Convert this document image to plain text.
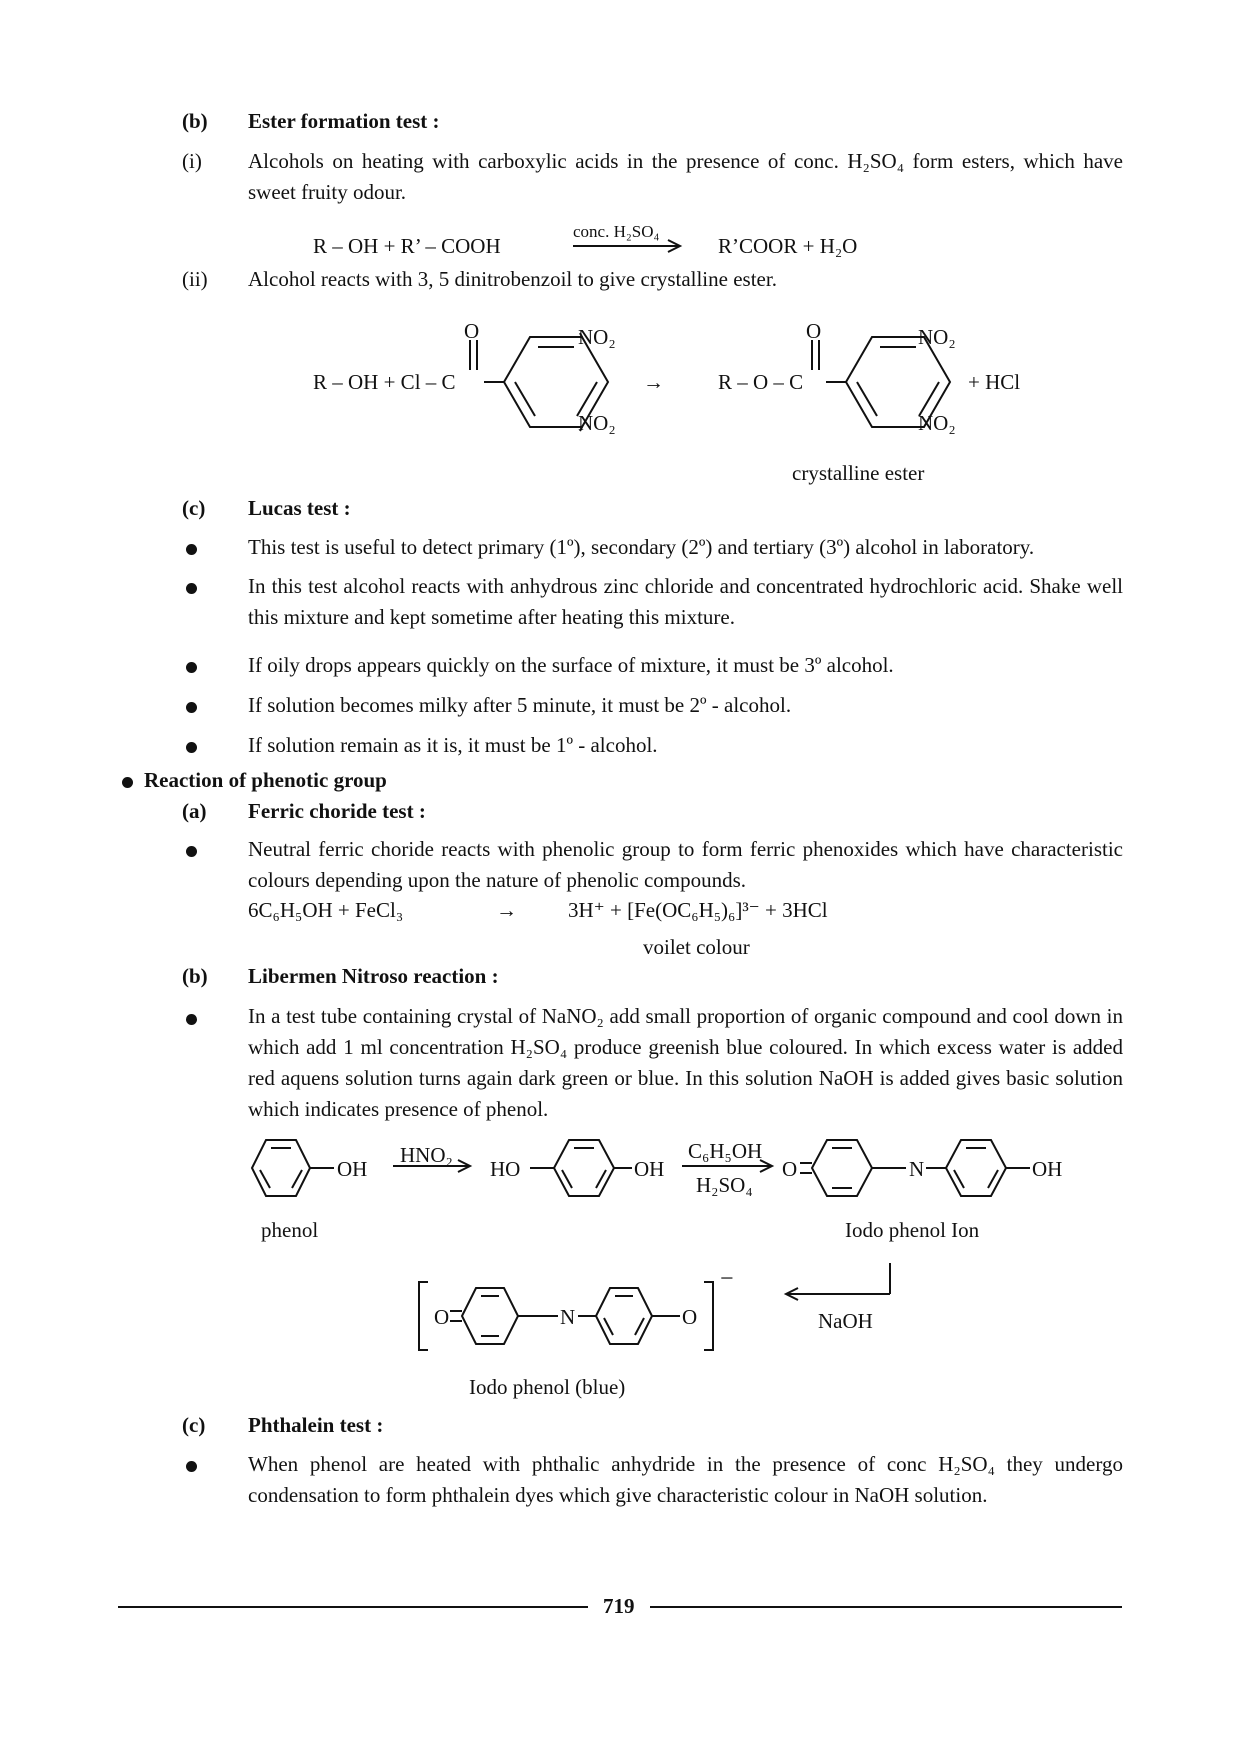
(b) Ester formation test :
(i) Alcohols on heating with carboxylic acids in the presence of conc. H₂SO₄ form esters, which have sweet fruity odour.
R – OH + R’ – COOH
conc. H₂SO₄
R’COOR + H₂O
(ii) Alcohol reacts with 3, 5 dinitrobenzoil to give crystalline ester.
R – OH + Cl – C
O	NO₂
NO₂
→	R – O – C
O	NO₂
NO₂
+ HCl
crystalline ester
(c) Lucas test :
This test is useful to detect primary (1º), secondary (2º) and tertiary (3º) alcohol in laboratory.
In this test alcohol reacts with anhydrous zinc chloride and concentrated hydrochloric acid. Shake well this mixture and kept sometime after heating this mixture.
If oily drops appears quickly on the surface of mixture, it must be 3º alcohol.
If solution becomes milky after 5 minute, it must be 2º - alcohol.
If solution remain as it is, it must be 1º - alcohol.
Reaction of phenotic group
(a) Ferric choride test :
Neutral ferric choride reacts with phenolic group to form ferric phenoxides which have characteristic colours depending upon the nature of phenolic compounds.
6C₆H₅OH + FeCl₃	→ 3H⁺ + [Fe(OC₆H₅)₆]³⁻ + 3HCl
voilet colour
(b) Libermen Nitroso reaction :
In a test tube containing crystal of NaNO₂ add small proportion of organic compound and cool down in which add 1 ml concentration H₂SO₄ produce greenish blue coloured. In which excess water is added red aquens solution turns again dark green or blue. In this solution NaOH is added gives basic solution which indicates presence of phenol.
OH
HNO₂
HO	OH
C₆H₅OH
H₂SO₄
O	N	OH
phenol	Iodo phenol Ion
O	N	O
−
NaOH
Iodo phenol (blue)
(c) Phthalein test :
When phenol are heated with phthalic anhydride in the presence of conc H₂SO₄ they undergo condensation to form phthalein dyes which give characteristic colour in NaOH solution.
719
